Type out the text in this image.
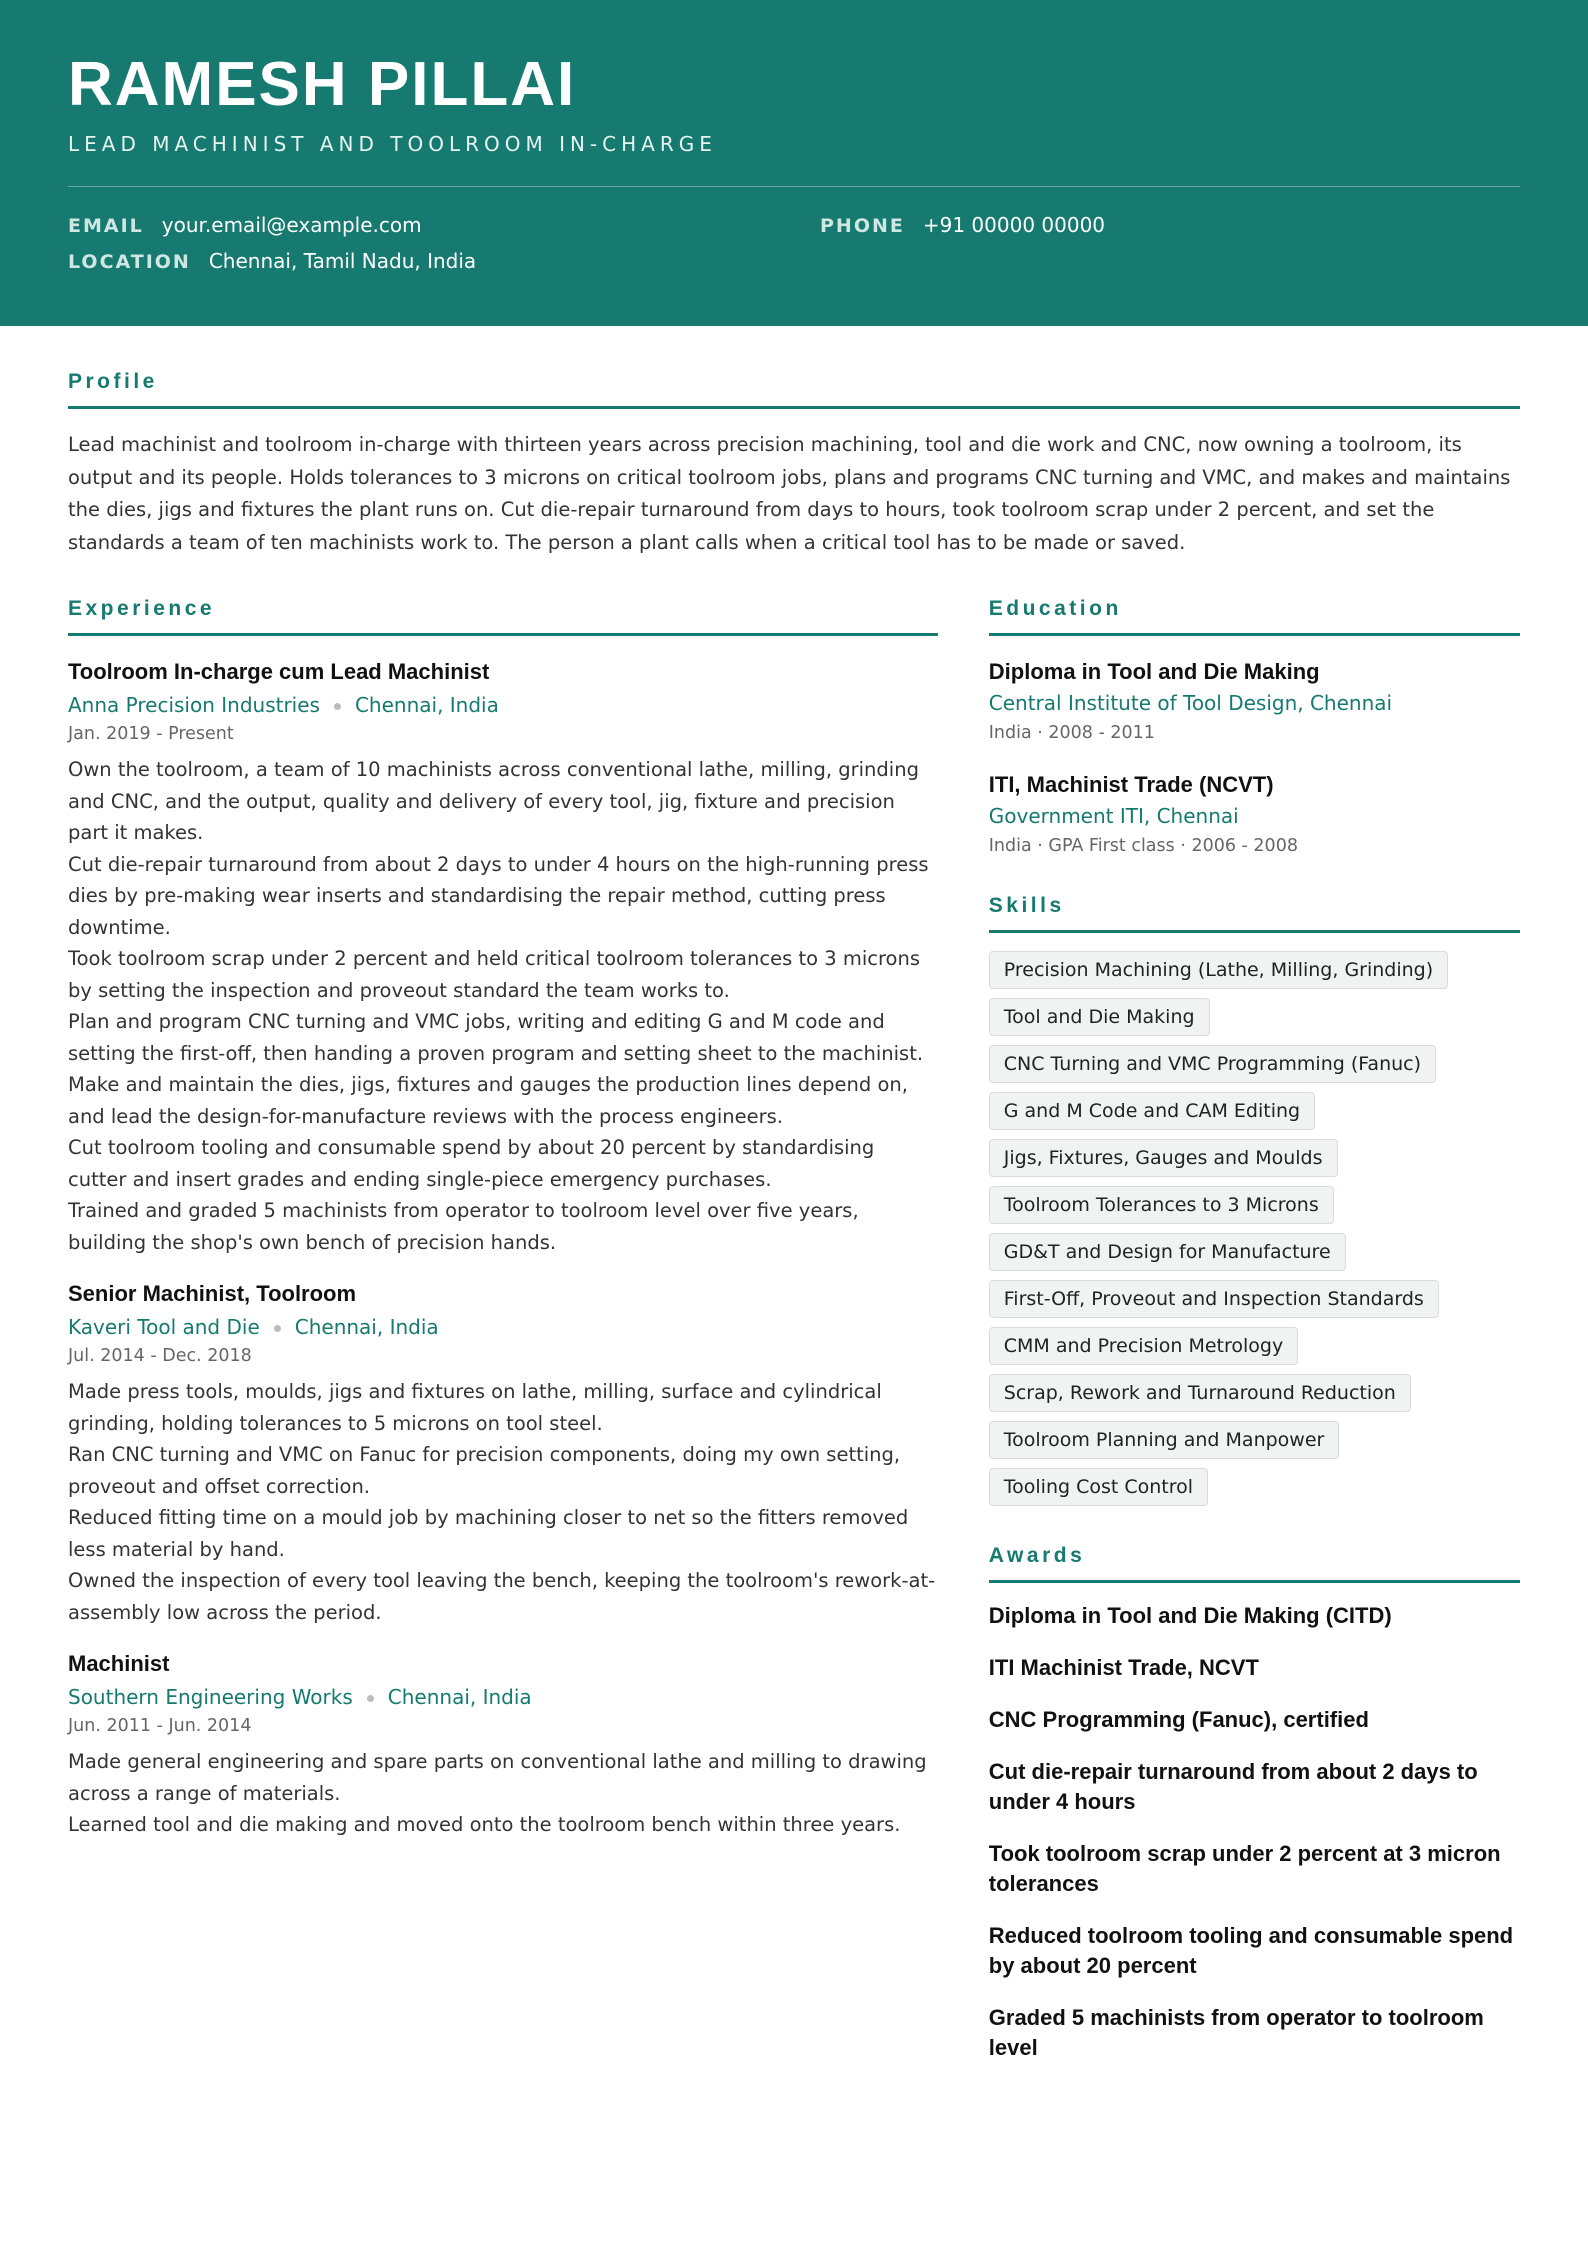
RAMESH PILLAI
LEAD MACHINIST AND TOOLROOM IN-CHARGE
EMAIL your.email@example.com	PHONE +91 00000 00000
LOCATION Chennai, Tamil Nadu, India
Profile

Lead machinist and toolroom in-charge with thirteen years across precision machining, tool and die work and CNC, now owning a toolroom, its output and its people. Holds tolerances to 3 microns on critical toolroom jobs, plans and programs CNC turning and VMC, and makes and maintains the dies, jigs and fixtures the plant runs on. Cut die-repair turnaround from days to hours, took toolroom scrap under 2 percent, and set the standards a team of ten machinists work to. The person a plant calls when a critical tool has to be made or saved.

Experience
Toolroom In-charge cum Lead Machinist
Anna Precision Industries Chennai, India
Jan. 2019 - Present
Own the toolroom, a team of 10 machinists across conventional lathe, milling, grinding and CNC, and the output, quality and delivery of every tool, jig, fixture and precision part it makes.
Cut die-repair turnaround from about 2 days to under 4 hours on the high-running press dies by pre-making wear inserts and standardising the repair method, cutting press downtime.
Took toolroom scrap under 2 percent and held critical toolroom tolerances to 3 microns by setting the inspection and proveout standard the team works to.
Plan and program CNC turning and VMC jobs, writing and editing G and M code and setting the first-off, then handing a proven program and setting sheet to the machinist.
Make and maintain the dies, jigs, fixtures and gauges the production lines depend on, and lead the design-for-manufacture reviews with the process engineers.
Cut toolroom tooling and consumable spend by about 20 percent by standardising cutter and insert grades and ending single-piece emergency purchases.
Trained and graded 5 machinists from operator to toolroom level over five years, building the shop's own bench of precision hands.
Senior Machinist, Toolroom
Kaveri Tool and Die Chennai, India
Jul. 2014 - Dec. 2018
Made press tools, moulds, jigs and fixtures on lathe, milling, surface and cylindrical grinding, holding tolerances to 5 microns on tool steel.
Ran CNC turning and VMC on Fanuc for precision components, doing my own setting, proveout and offset correction.
Reduced fitting time on a mould job by machining closer to net so the fitters removed less material by hand.
Owned the inspection of every tool leaving the bench, keeping the toolroom's rework-at-assembly low across the period.
Machinist
Southern Engineering Works Chennai, India
Jun. 2011 - Jun. 2014
Made general engineering and spare parts on conventional lathe and milling to drawing across a range of materials.
Learned tool and die making and moved onto the toolroom bench within three years.
Education
Diploma in Tool and Die Making
Central Institute of Tool Design, Chennai
India · 2008 - 2011
ITI, Machinist Trade (NCVT)
Government ITI, Chennai
India · GPA First class · 2006 - 2008
Skills
Precision Machining (Lathe, Milling, Grinding)
Tool and Die Making
CNC Turning and VMC Programming (Fanuc)
G and M Code and CAM Editing
Jigs, Fixtures, Gauges and Moulds
Toolroom Tolerances to 3 Microns
GD&T and Design for Manufacture
First-Off, Proveout and Inspection Standards
CMM and Precision Metrology
Scrap, Rework and Turnaround Reduction
Toolroom Planning and Manpower
Tooling Cost Control
Awards
Diploma in Tool and Die Making (CITD)
ITI Machinist Trade, NCVT
CNC Programming (Fanuc), certified
Cut die-repair turnaround from about 2 days to under 4 hours
Took toolroom scrap under 2 percent at 3 micron tolerances
Reduced toolroom tooling and consumable spend by about 20 percent
Graded 5 machinists from operator to toolroom level
